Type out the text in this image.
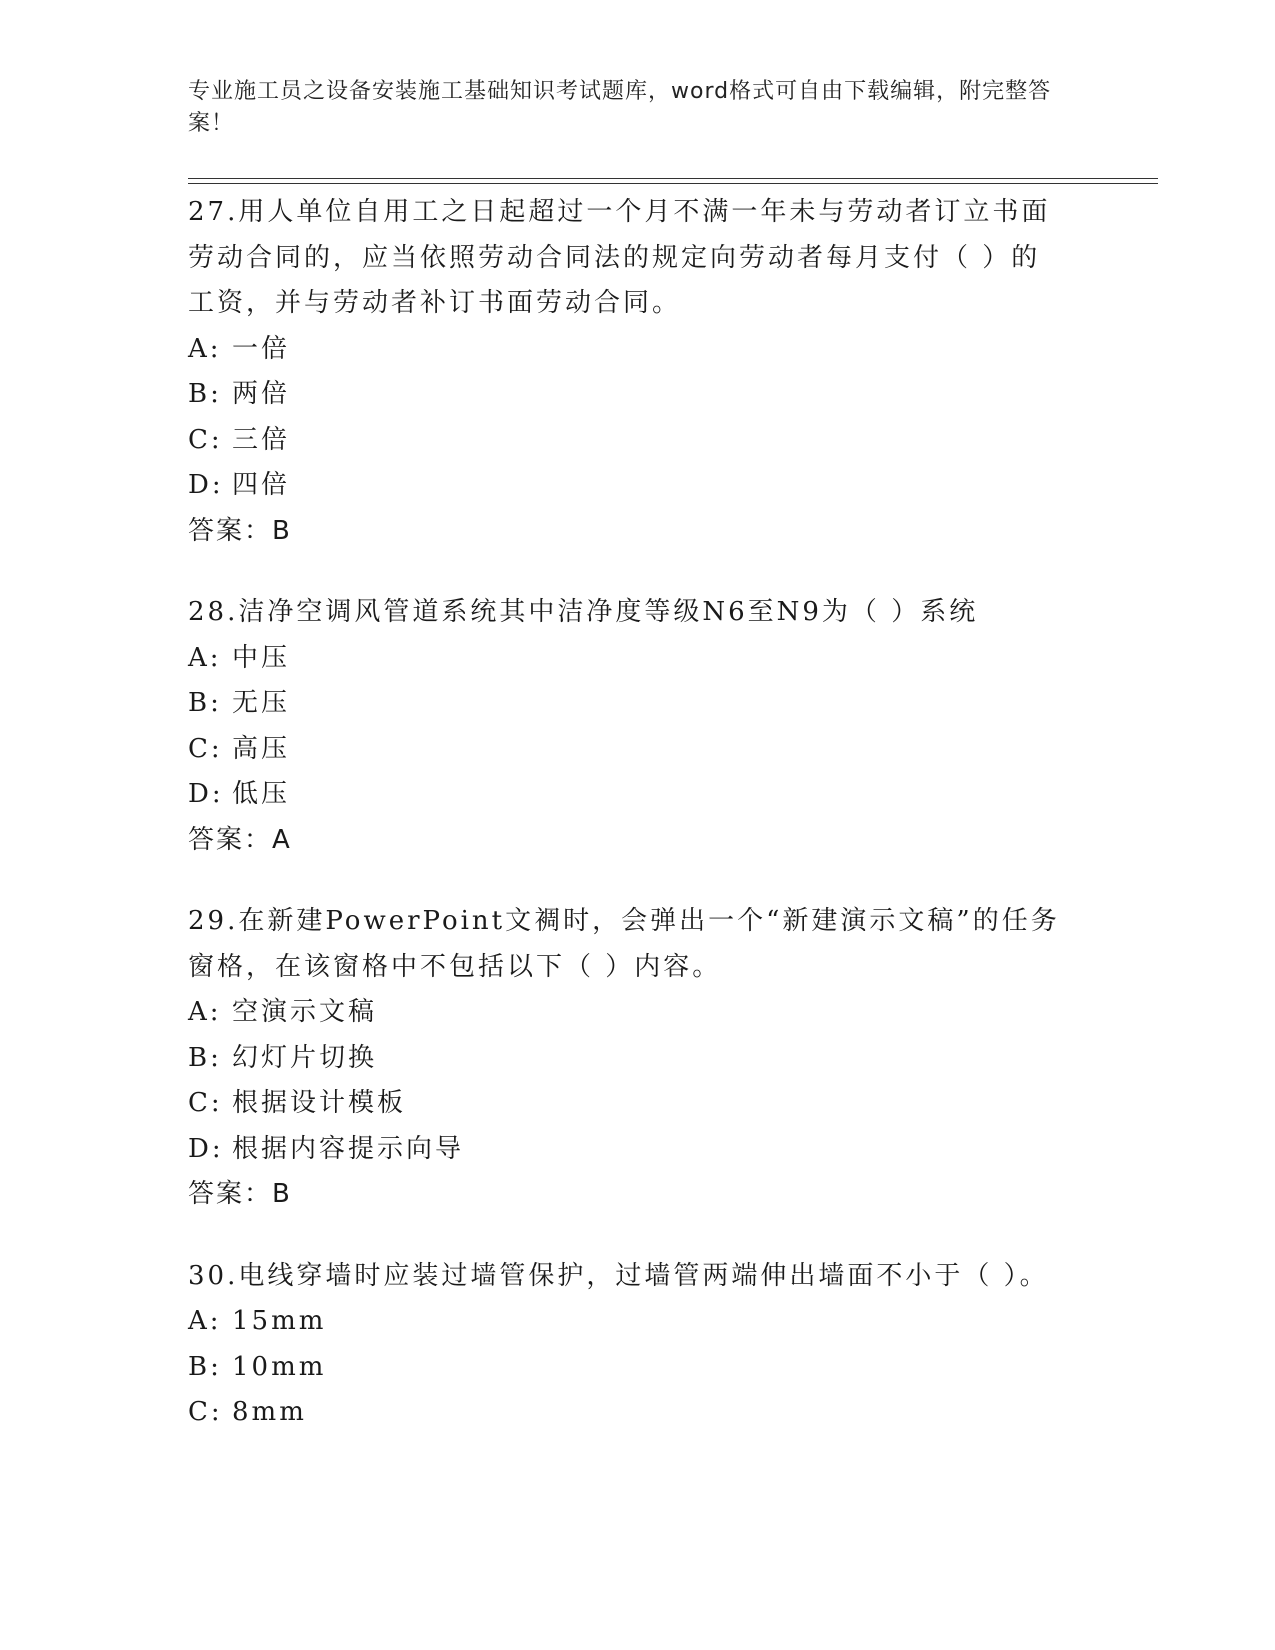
专业施工员之设备安装施工基础知识考试题库，word格式可自由下载编辑，附完整答案！

27.用人单位自用工之日起超过一个月不满一年未与劳动者订立书面劳动合同的，应当依照劳动合同法的规定向劳动者每月支付（ ）的工资，并与劳动者补订书面劳动合同。

A: 一倍

B: 两倍

C: 三倍

D: 四倍

答案：B

28.洁净空调风管道系统其中洁净度等级N6至N9为（ ）系统

A: 中压

B: 无压

C: 高压

D: 低压

答案：A

29.在新建PowerPoint文裯时，会弹出一个“新建演示文稿”的任务窗格，在该窗格中不包括以下（ ）内容。

A: 空演示文稿

B: 幻灯片切换

C: 根据设计模板

D: 根据内容提示向导

答案：B

30.电线穿墙时应装过墙管保护，过墙管两端伸出墙面不小于（ ）。

A: 15mm

B: 10mm

C: 8mm
